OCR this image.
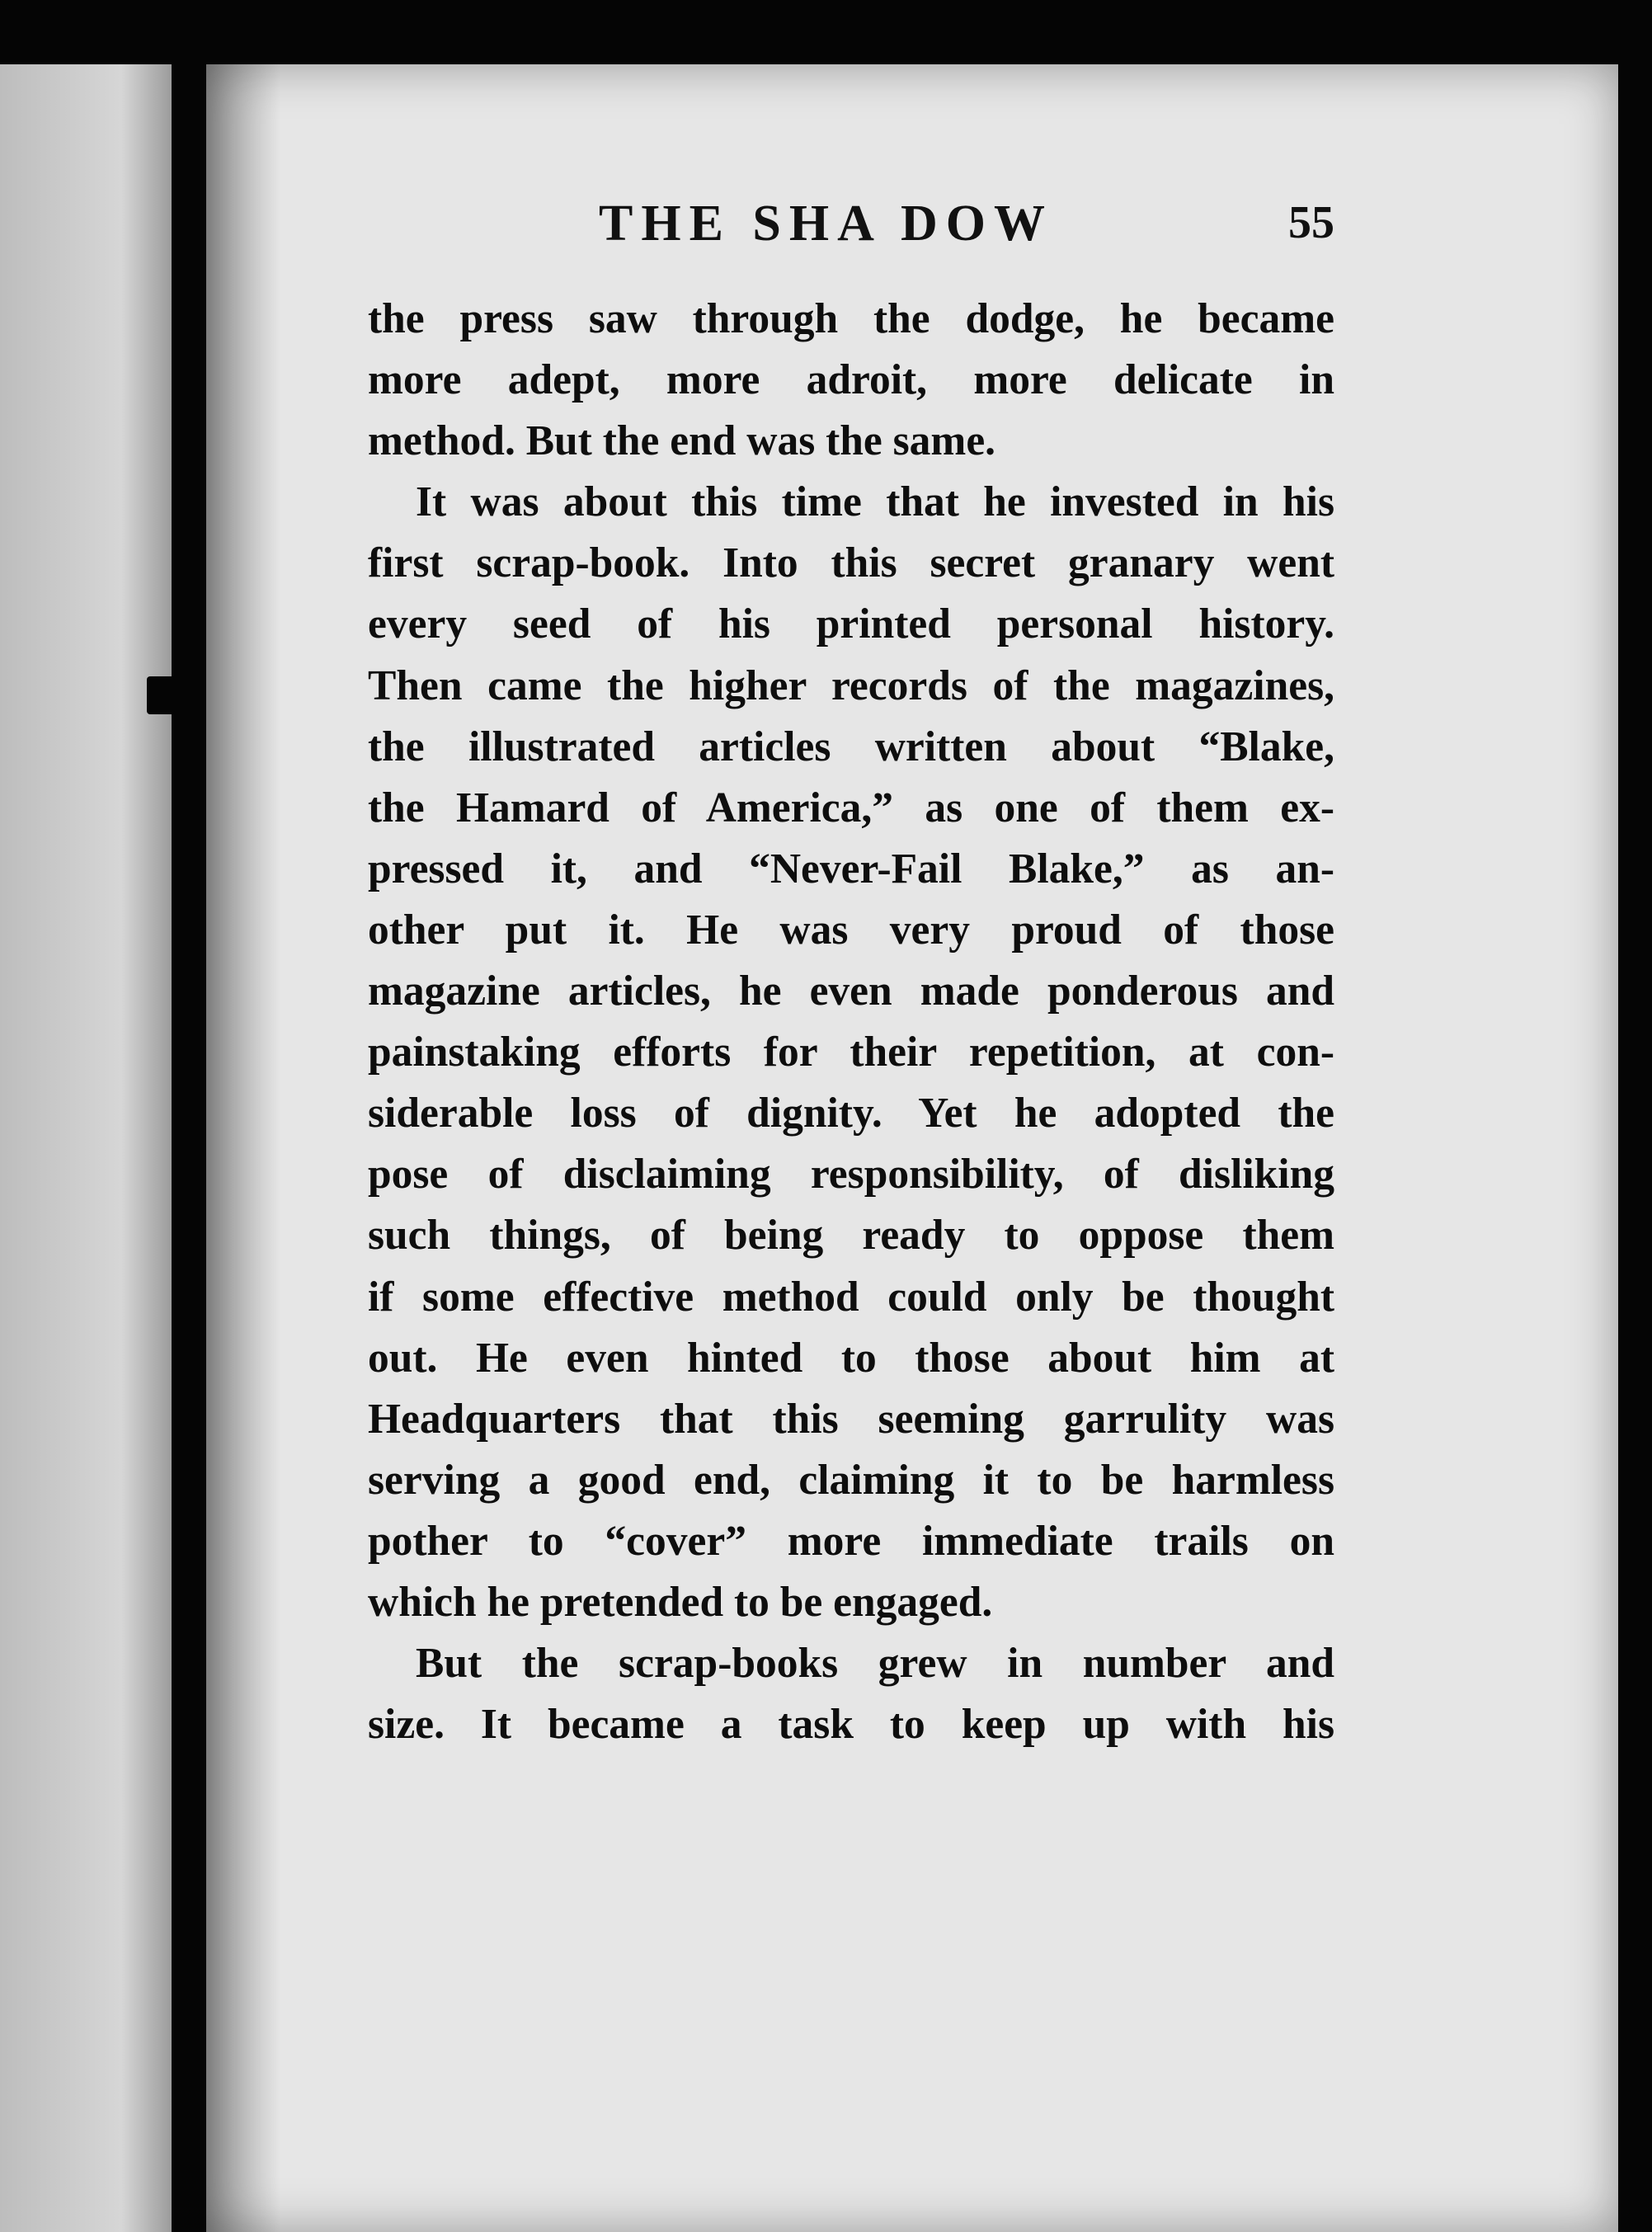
THE SHA DOW	55
the press saw through the dodge, he became
more adept, more adroit, more delicate in
method. But the end was the same.
It was about this time that he invested in his
first scrap-book. Into this secret granary went
every seed of his printed personal history.
Then came the higher records of the magazines,
the illustrated articles written about “Blake,
the Hamard of America,” as one of them ex-
pressed it, and “Never-Fail Blake,” as an-
other put it. He was very proud of those
magazine articles, he even made ponderous and
painstaking efforts for their repetition, at con-
siderable loss of dignity. Yet he adopted the
pose of disclaiming responsibility, of disliking
such things, of being ready to oppose them
if some effective method could only be thought
out. He even hinted to those about him at
Headquarters that this seeming garrulity was
serving a good end, claiming it to be harmless
pother to “cover” more immediate trails on
which he pretended to be engaged.
But the scrap-books grew in number and
size. It became a task to keep up with his
